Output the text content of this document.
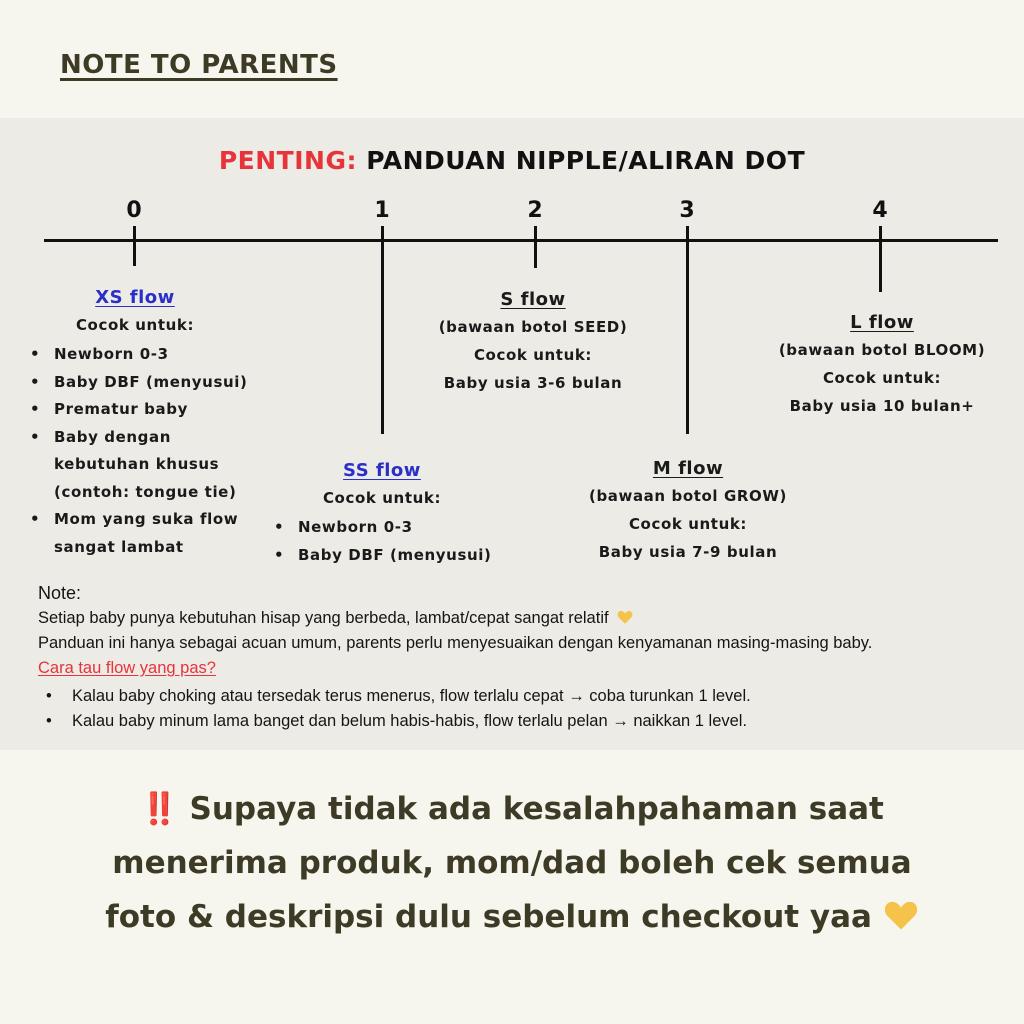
NOTE TO PARENTS
PENTING: PANDUAN NIPPLE/ALIRAN DOT
0	1	2	3	4
XS flow
Cocok untuk:
• Newborn 0-3
• Baby DBF (menyusui)
• Prematur baby
• Baby dengan kebutuhan khusus (contoh: tongue tie)
• Mom yang suka flow sangat lambat
SS flow
Cocok untuk:
• Newborn 0-3
• Baby DBF (menyusui)
S flow
(bawaan botol SEED)
Cocok untuk:
Baby usia 3-6 bulan
M flow
(bawaan botol GROW)
Cocok untuk:
Baby usia 7-9 bulan
L flow
(bawaan botol BLOOM)
Cocok untuk:
Baby usia 10 bulan+
Note:
Setiap baby punya kebutuhan hisap yang berbeda, lambat/cepat sangat relatif
Panduan ini hanya sebagai acuan umum, parents perlu menyesuaikan dengan kenyamanan masing-masing baby.
Cara tau flow yang pas?
• Kalau baby choking atau tersedak terus menerus, flow terlalu cepat → coba turunkan 1 level.
• Kalau baby minum lama banget dan belum habis-habis, flow terlalu pelan → naikkan 1 level.
‼️ Supaya tidak ada kesalahpahaman saat menerima produk, mom/dad boleh cek semua foto & deskripsi dulu sebelum checkout yaa
